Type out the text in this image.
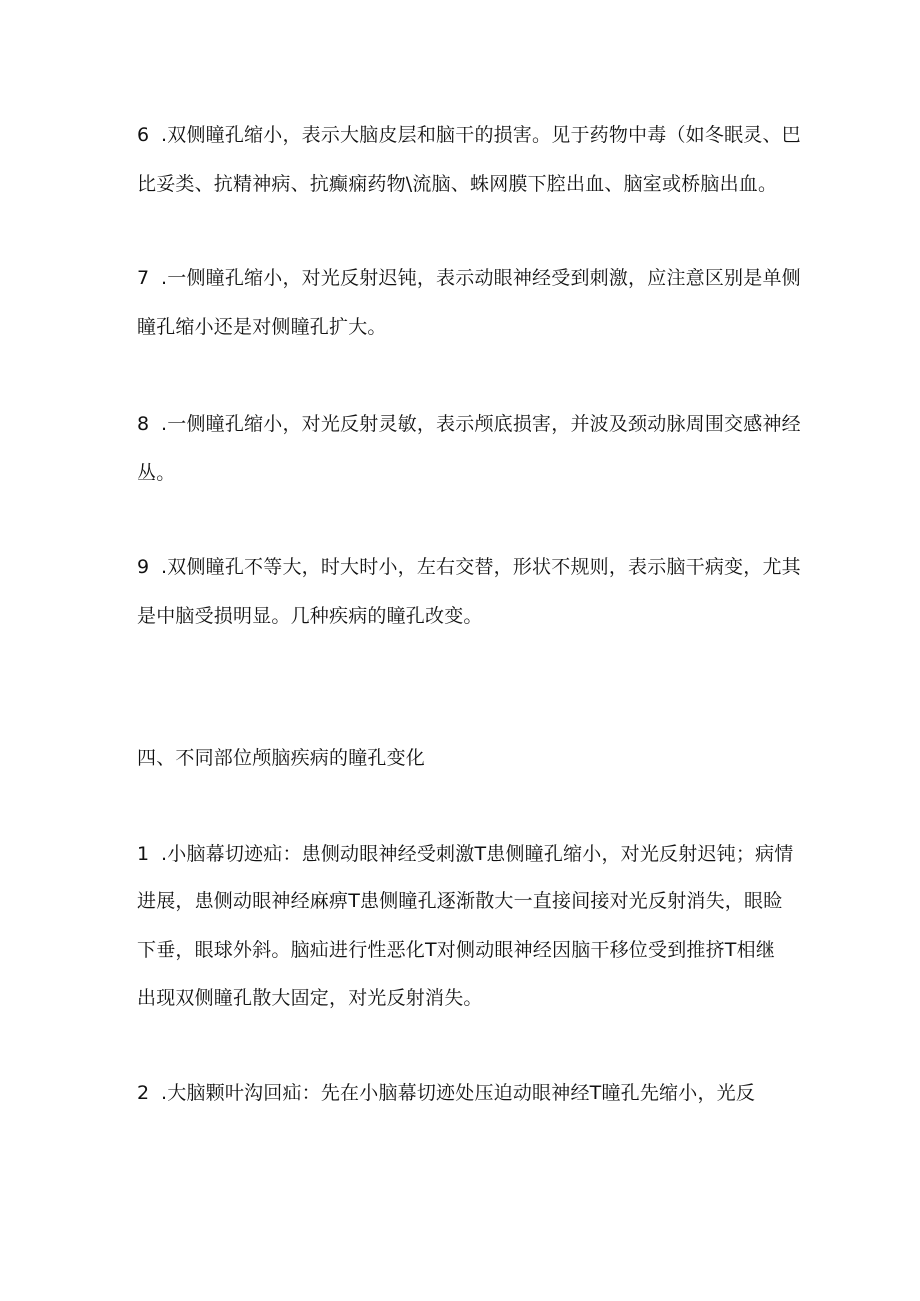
6 .双侧瞳孔缩小，表示大脑皮层和脑干的损害。见于药物中毒（如冬眠灵、巴
比妥类、抗精神病、抗癫痫药物\流脑、蛛网膜下腔出血、脑室或桥脑出血。
7 .一侧瞳孔缩小，对光反射迟钝，表示动眼神经受到刺激，应注意区别是单侧
瞳孔缩小还是对侧瞳孔扩大。
8 .一侧瞳孔缩小，对光反射灵敏，表示颅底损害，并波及颈动脉周围交感神经
丛。
9 .双侧瞳孔不等大，时大时小，左右交替，形状不规则，表示脑干病变，尤其
是中脑受损明显。几种疾病的瞳孔改变。
四、不同部位颅脑疾病的瞳孔变化
1 .小脑幕切迹疝：患侧动眼神经受刺激T患侧瞳孔缩小，对光反射迟钝；病情
进展，患侧动眼神经麻痹T患侧瞳孔逐渐散大一直接间接对光反射消失，眼睑
下垂，眼球外斜。脑疝进行性恶化T对侧动眼神经因脑干移位受到推挤T相继
出现双侧瞳孔散大固定，对光反射消失。
2 .大脑颗叶沟回疝：先在小脑幕切迹处压迫动眼神经T瞳孔先缩小，光反
